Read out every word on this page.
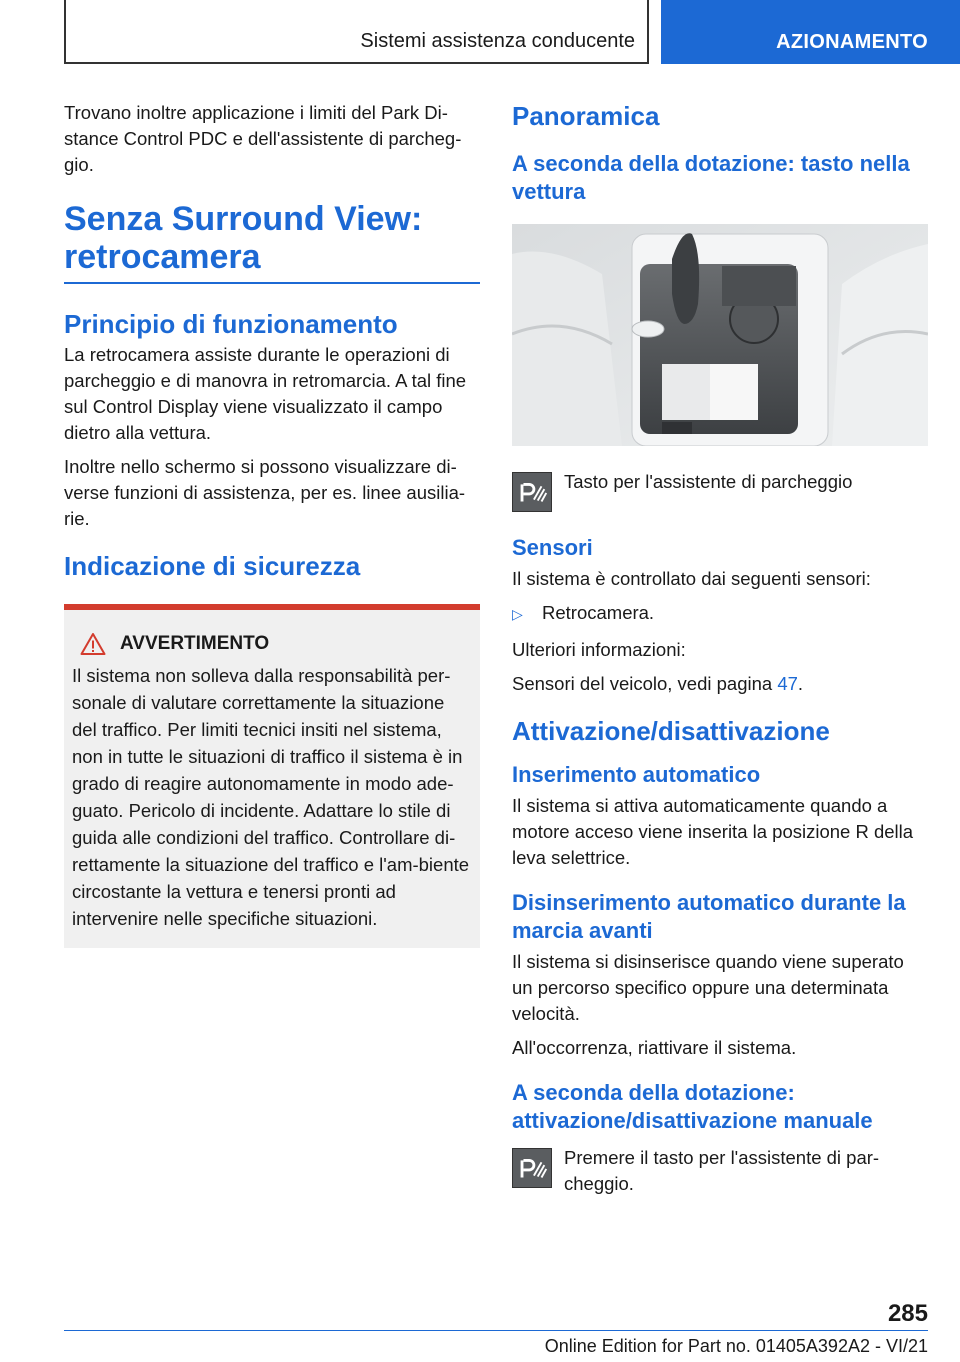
Sistemi assistenza conducente	AZIONAMENTO

Trovano inoltre applicazione i limiti del Park Di-stance Control PDC e dell'assistente di parcheg-gio.

Senza Surround View: retrocamera
Principio di funzionamento

La retrocamera assiste durante le operazioni di parcheggio e di manovra in retromarcia. A tal fine sul Control Display viene visualizzato il campo dietro alla vettura.

Inoltre nello schermo si possono visualizzare di-verse funzioni di assistenza, per es. linee ausilia-rie.

Indicazione di sicurezza
AVVERTIMENTO

Il sistema non solleva dalla responsabilità per-sonale di valutare correttamente la situazione del traffico. Per limiti tecnici insiti nel sistema, non in tutte le situazioni di traffico il sistema è in grado di reagire autonomamente in modo ade-guato. Pericolo di incidente. Adattare lo stile di guida alle condizioni del traffico. Controllare di-rettamente la situazione del traffico e l'am-biente circostante la vettura e tenersi pronti ad intervenire nelle specifiche situazioni.

Panoramica
A seconda della dotazione: tasto nella vettura

Tasto per l'assistente di parcheggio

Sensori

Il sistema è controllato dai seguenti sensori:

▷	Retrocamera.

Ulteriori informazioni:

Sensori del veicolo, vedi pagina 47.

Attivazione/disattivazione
Inserimento automatico

Il sistema si attiva automaticamente quando a motore acceso viene inserita la posizione R della leva selettrice.

Disinserimento automatico durante la marcia avanti

Il sistema si disinserisce quando viene superato un percorso specifico oppure una determinata velocità.

All'occorrenza, riattivare il sistema.

A seconda della dotazione: attivazione/disattivazione manuale

Premere il tasto per l'assistente di par-cheggio.

285
Online Edition for Part no. 01405A392A2 - VI/21
